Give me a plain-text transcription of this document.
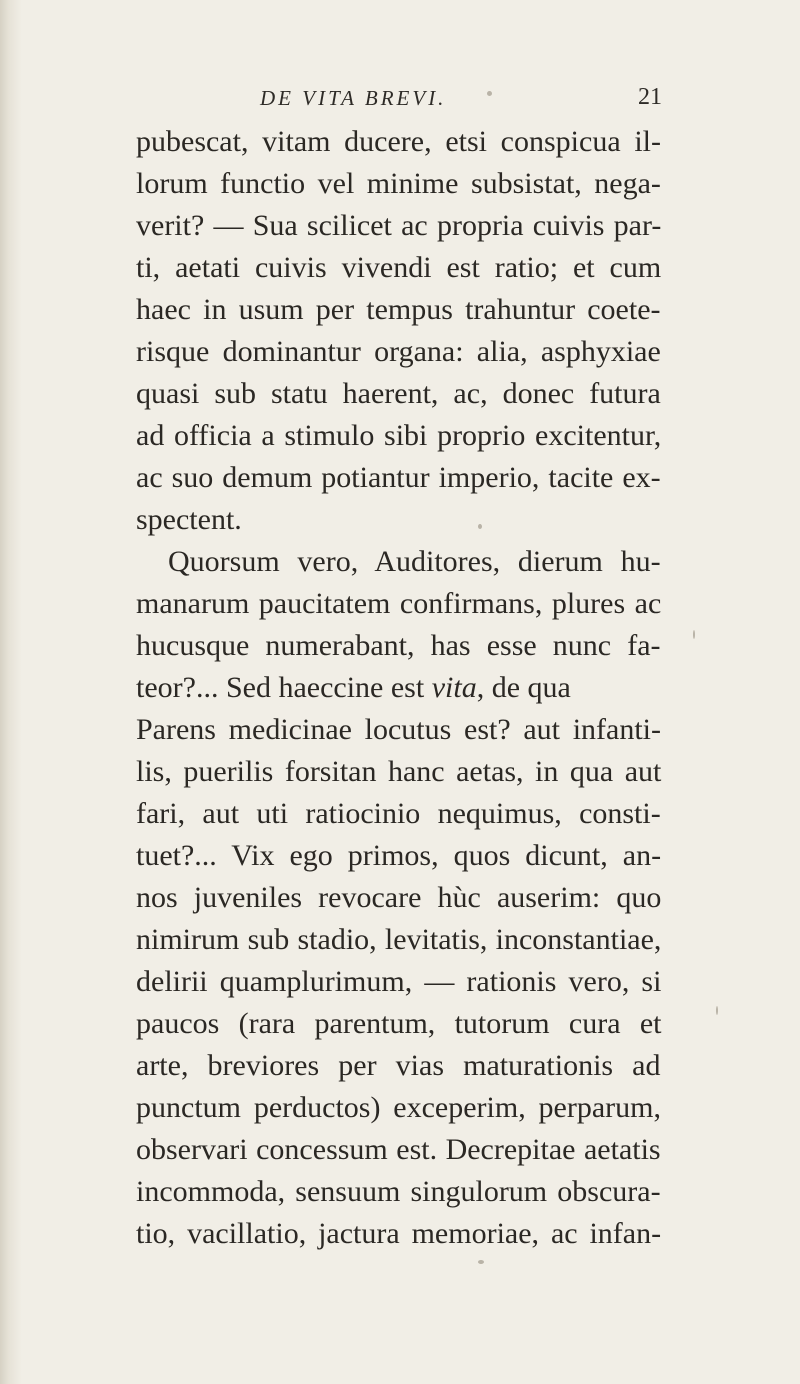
DE VITA BREVI.	21
pubescat, vitam ducere, etsi conspicua il-
lorum functio vel minime subsistat, nega-
verit? — Sua scilicet ac propria cuivis par-
ti, aetati cuivis vivendi est ratio; et cum
haec in usum per tempus trahuntur coete-
risque dominantur organa: alia, asphyxiae
quasi sub statu haerent, ac, donec futura
ad officia a stimulo sibi proprio excitentur,
ac suo demum potiantur imperio, tacite ex-
spectent.
Quorsum vero, Auditores, dierum hu-
manarum paucitatem confirmans, plures ac
hucusque numerabant, has esse nunc fa-
teor?... Sed haeccine est vita, de qua
Parens medicinae locutus est? aut infanti-
lis, puerilis forsitan hanc aetas, in qua aut
fari, aut uti ratiocinio nequimus, consti-
tuet?... Vix ego primos, quos dicunt, an-
nos juveniles revocare hùc auserim: quo
nimirum sub stadio, levitatis, inconstantiae,
delirii quamplurimum, — rationis vero, si
paucos (rara parentum, tutorum cura et
arte, breviores per vias maturationis ad
punctum perductos) exceperim, perparum,
observari concessum est. Decrepitae aetatis
incommoda, sensuum singulorum obscura-
tio, vacillatio, jactura memoriae, ac infan-
